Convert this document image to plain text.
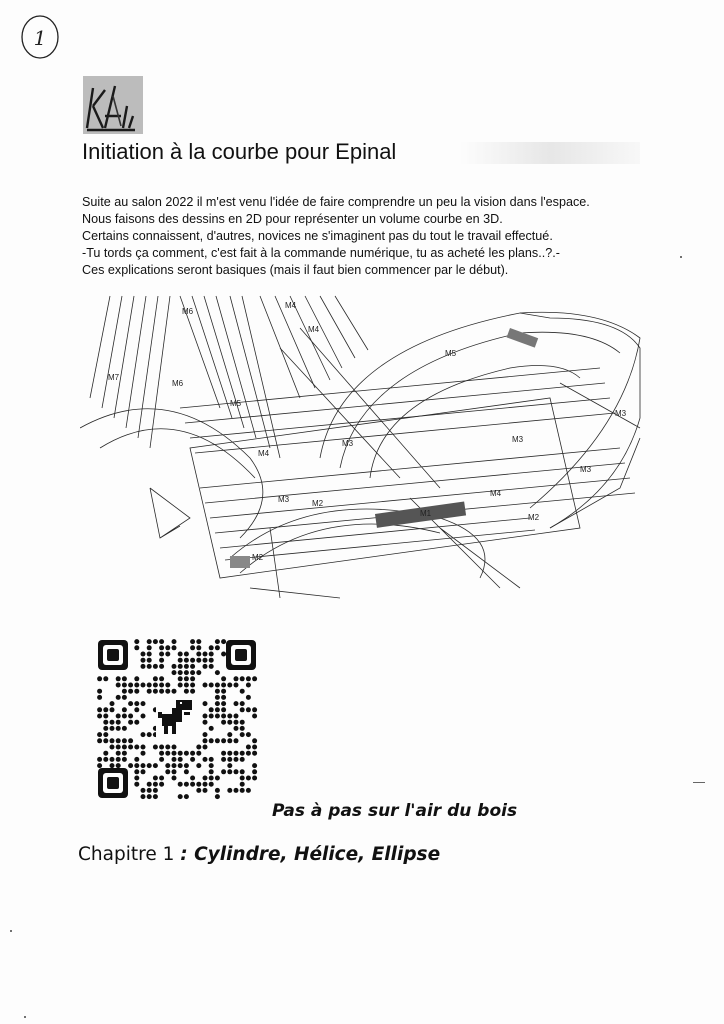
1
Initiation à la courbe pour Epinal

Suite au salon 2022 il m'est venu l'idée de faire comprendre un peu la vision dans l'espace.

Nous faisons des dessins en 2D pour représenter un volume courbe en 3D.

Certains connaissent, d'autres, novices ne s'imaginent pas du tout le travail effectué.

-Tu tords ça comment, c'est fait à la commande numérique, tu as acheté les plans..?.-

Ces explications seront basiques (mais il faut bien commencer par le début).

M6
M4
M4
M7
M6
M5
M5
M4
M3	M3
M3	M2
M2
M1
M3
M3
M2
M4
Pas à pas sur l'air du bois
Chapitre 1 : Cylindre, Hélice, Ellipse
